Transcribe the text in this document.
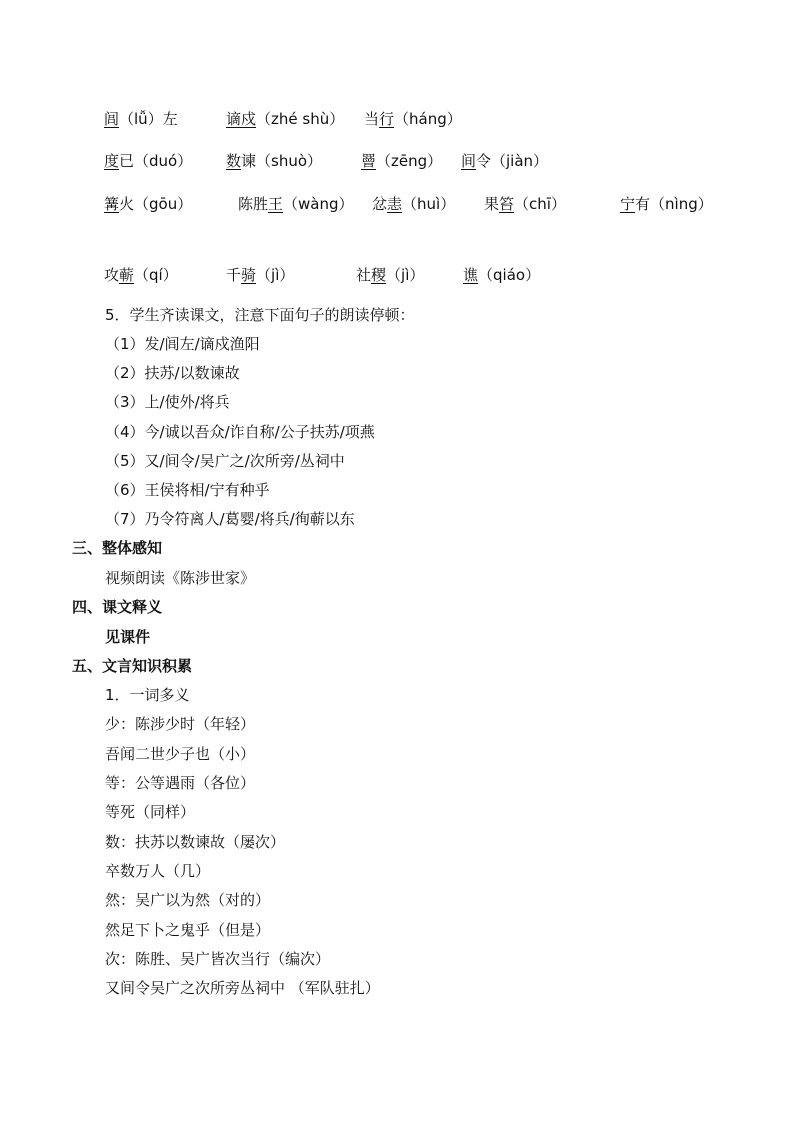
闾（lǚ）左	谪戍（zhé shù） 当行（háng）
度已（duó） 数谏（shuò）	罾（zēng） 间令（jiàn）
篝火（gōu）	陈胜王（wàng） 忿恚（huì） 果笞（chī）	宁有（nìng）
攻蕲（qí）	千骑（jì）	社稷（jì）	谯（qiáo）
5．学生齐读课文，注意下面句子的朗读停顿：
（1）发/闾左/谪戍渔阳
（2）扶苏/以数谏故
（3）上/使外/将兵
（4）今/诚以吾众/诈自称/公子扶苏/项燕
（5）又/间令/吴广之/次所旁/丛祠中
（6）王侯将相/宁有种乎
（7）乃令符离人/葛婴/将兵/徇蕲以东
三、整体感知
视频朗读《陈涉世家》
四、课文释义
见课件
五、文言知识积累
1．一词多义
少：陈涉少时（年轻）
吾闻二世少子也（小）
等：公等遇雨（各位）
等死（同样）
数：扶苏以数谏故（屡次）
卒数万人（几）
然：吴广以为然（对的）
然足下卜之鬼乎（但是）
次：陈胜、吴广皆次当行（编次）
又间令吴广之次所旁丛祠中 （军队驻扎）
